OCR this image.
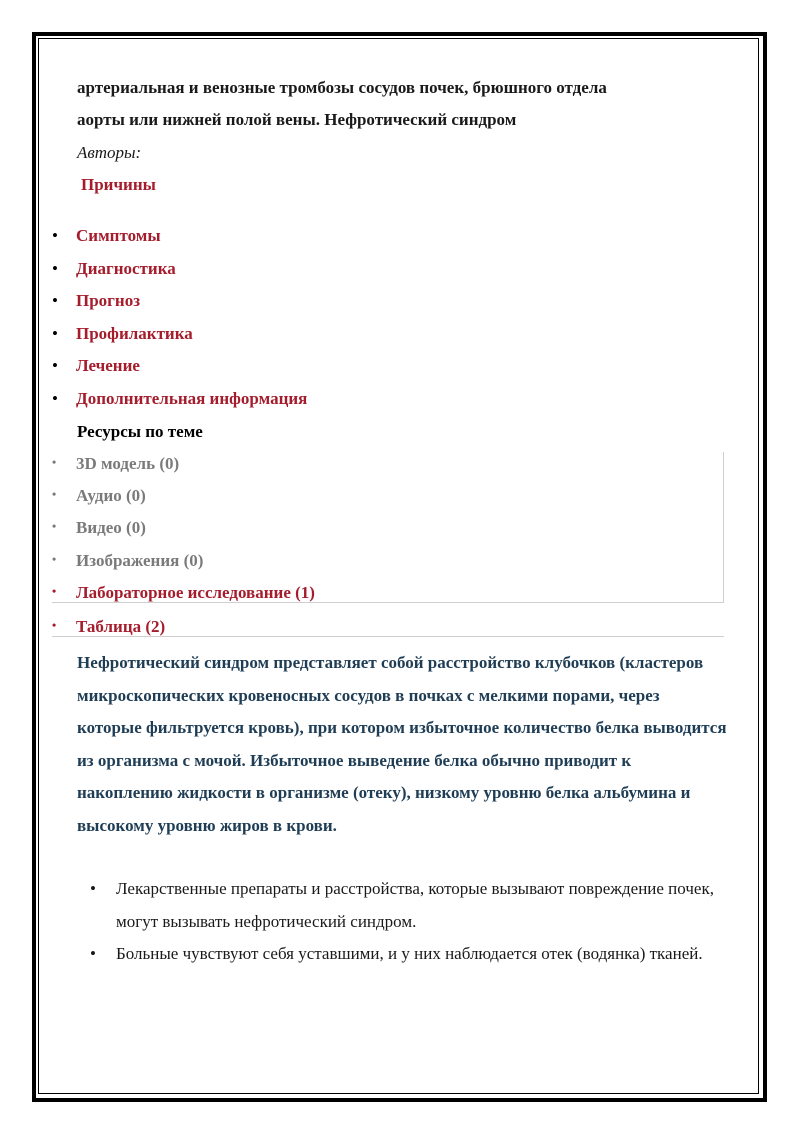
артериальная и венозные тромбозы сосудов почек, брюшного отдела
аорты или нижней полой вены. Нефротический синдром
Авторы:
Причины
• Симптомы
• Диагностика
• Прогноз
• Профилактика
• Лечение
• Дополнительная информация
Ресурсы по теме
• 3D модель (0)
• Аудио (0)
• Видео (0)
• Изображения (0)
• Лабораторное исследование (1)
• Таблица (2)
Нефротический синдром представляет собой расстройство клубочков (кластеров микроскопических кровеносных сосудов в почках с мелкими порами, через которые фильтруется кровь), при котором избыточное количество белка выводится из организма с мочой. Избыточное выведение белка обычно приводит к накоплению жидкости в организме (отеку), низкому уровню белка альбумина и высокому уровню жиров в крови.
• Лекарственные препараты и расстройства, которые вызывают повреждение почек, могут вызывать нефротический синдром.
• Больные чувствуют себя уставшими, и у них наблюдается отек (водянка) тканей.
